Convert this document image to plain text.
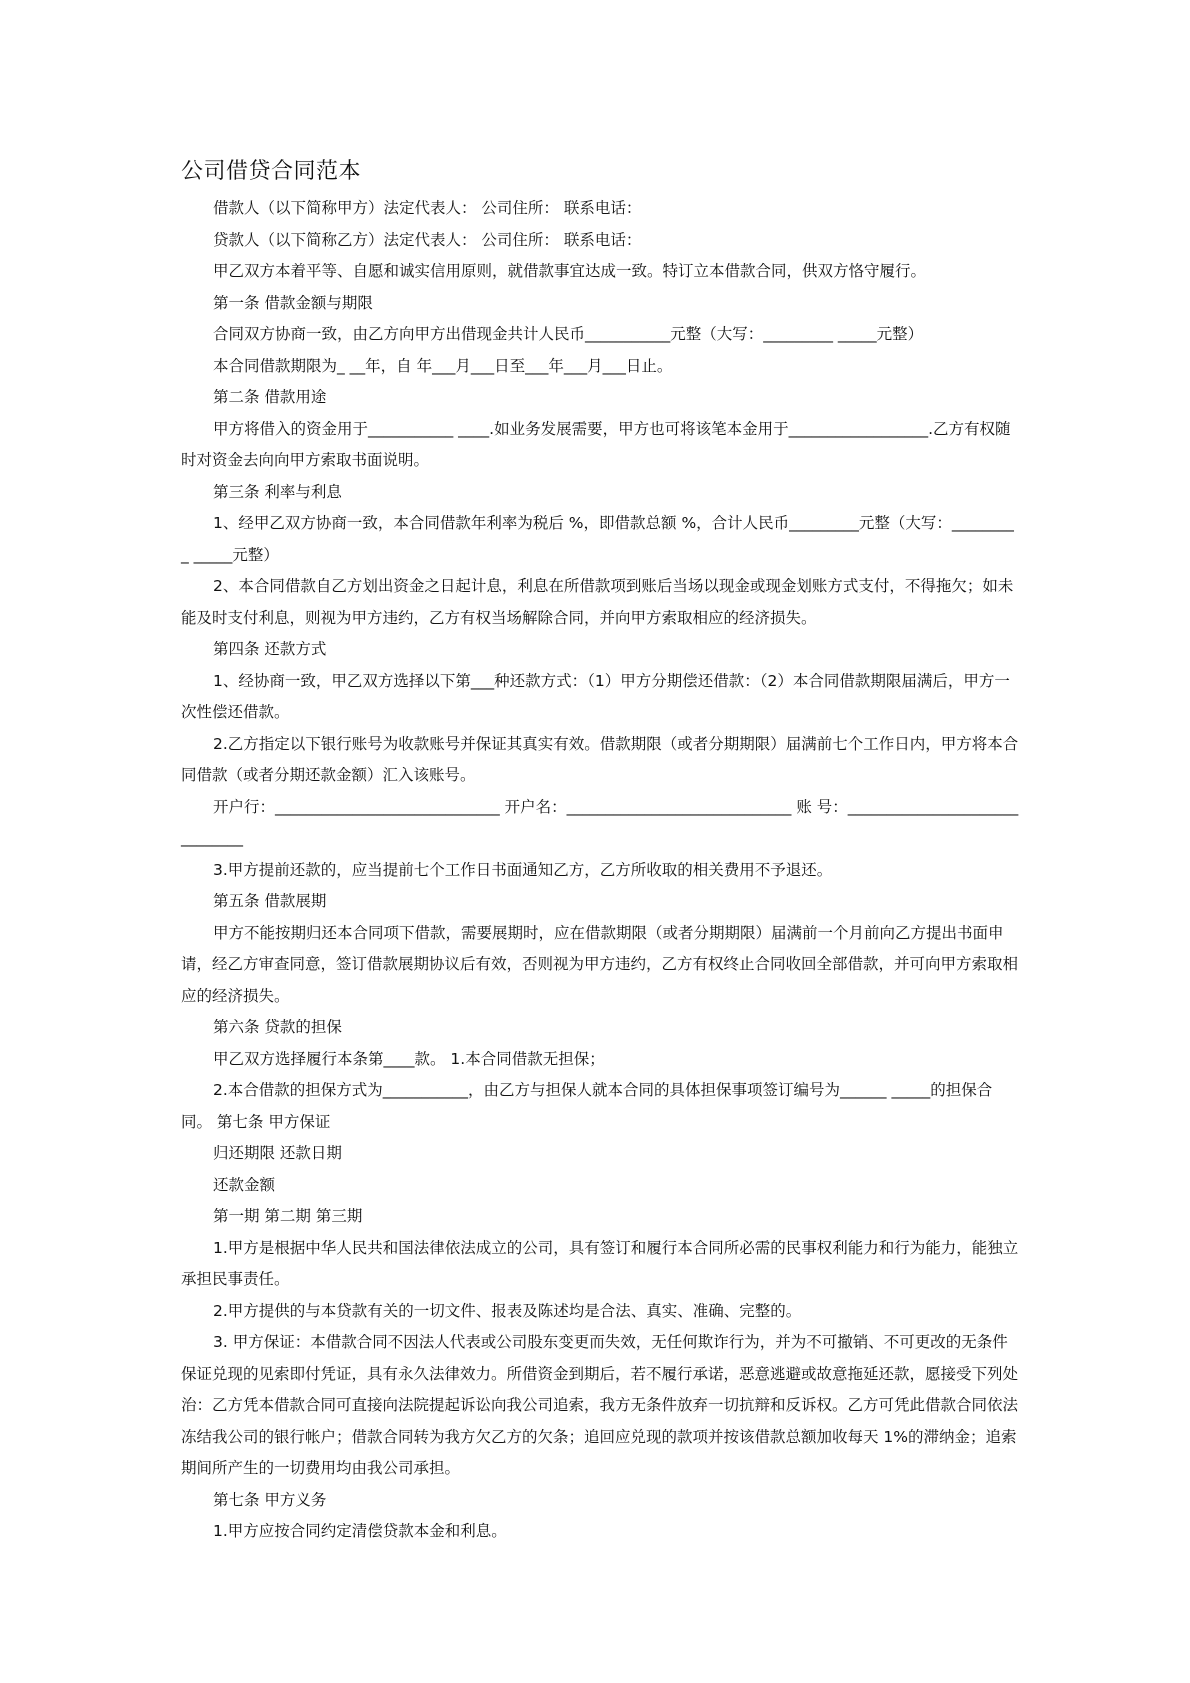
公司借贷合同范本

借款人（以下简称甲方）法定代表人： 公司住所： 联系电话：

贷款人（以下简称乙方）法定代表人： 公司住所： 联系电话：

甲乙双方本着平等、自愿和诚实信用原则，就借款事宜达成一致。特订立本借款合同，供双方恪守履行。

第一条 借款金额与期限

合同双方协商一致，由乙方向甲方出借现金共计人民币___________元整（大写：_________ _____元整）

本合同借款期限为_ __年，自 年___月___日至___年___月___日止。

第二条 借款用途

甲方将借入的资金用于___________ ____.如业务发展需要，甲方也可将该笔本金用于__________________.乙方有权随时对资金去向向甲方索取书面说明。

第三条 利率与利息

1、经甲乙双方协商一致，本合同借款年利率为税后 %，即借款总额 %，合计人民币_________元整（大写：_________ _____元整）

2、本合同借款自乙方划出资金之日起计息，利息在所借款项到账后当场以现金或现金划账方式支付，不得拖欠；如未能及时支付利息，则视为甲方违约，乙方有权当场解除合同，并向甲方索取相应的经济损失。

第四条 还款方式

1、经协商一致，甲乙双方选择以下第___种还款方式：（1）甲方分期偿还借款：（2）本合同借款期限届满后，甲方一次性偿还借款。

2.乙方指定以下银行账号为收款账号并保证其真实有效。借款期限（或者分期期限）届满前七个工作日内，甲方将本合同借款（或者分期还款金额）汇入该账号。

开户行：_____________________________ 开户名：_____________________________ 账 号：______________________________

3.甲方提前还款的，应当提前七个工作日书面通知乙方，乙方所收取的相关费用不予退还。

第五条 借款展期

甲方不能按期归还本合同项下借款，需要展期时，应在借款期限（或者分期期限）届满前一个月前向乙方提出书面申请，经乙方审查同意，签订借款展期协议后有效，否则视为甲方违约，乙方有权终止合同收回全部借款，并可向甲方索取相应的经济损失。

第六条 贷款的担保

甲乙双方选择履行本条第____款。 1.本合同借款无担保；

2.本合借款的担保方式为___________，由乙方与担保人就本合同的具体担保事项签订编号为______ _____的担保合同。 第七条 甲方保证

归还期限 还款日期

还款金额

第一期 第二期 第三期

1.甲方是根据中华人民共和国法律依法成立的公司，具有签订和履行本合同所必需的民事权利能力和行为能力，能独立承担民事责任。

2.甲方提供的与本贷款有关的一切文件、报表及陈述均是合法、真实、准确、完整的。

3. 甲方保证：本借款合同不因法人代表或公司股东变更而失效，无任何欺诈行为，并为不可撤销、不可更改的无条件保证兑现的见索即付凭证，具有永久法律效力。所借资金到期后，若不履行承诺，恶意逃避或故意拖延还款，愿接受下列处治：乙方凭本借款合同可直接向法院提起诉讼向我公司追索，我方无条件放弃一切抗辩和反诉权。乙方可凭此借款合同依法冻结我公司的银行帐户；借款合同转为我方欠乙方的欠条；追回应兑现的款项并按该借款总额加收每天 1%的滞纳金；追索期间所产生的一切费用均由我公司承担。

第七条 甲方义务

1.甲方应按合同约定清偿贷款本金和利息。
